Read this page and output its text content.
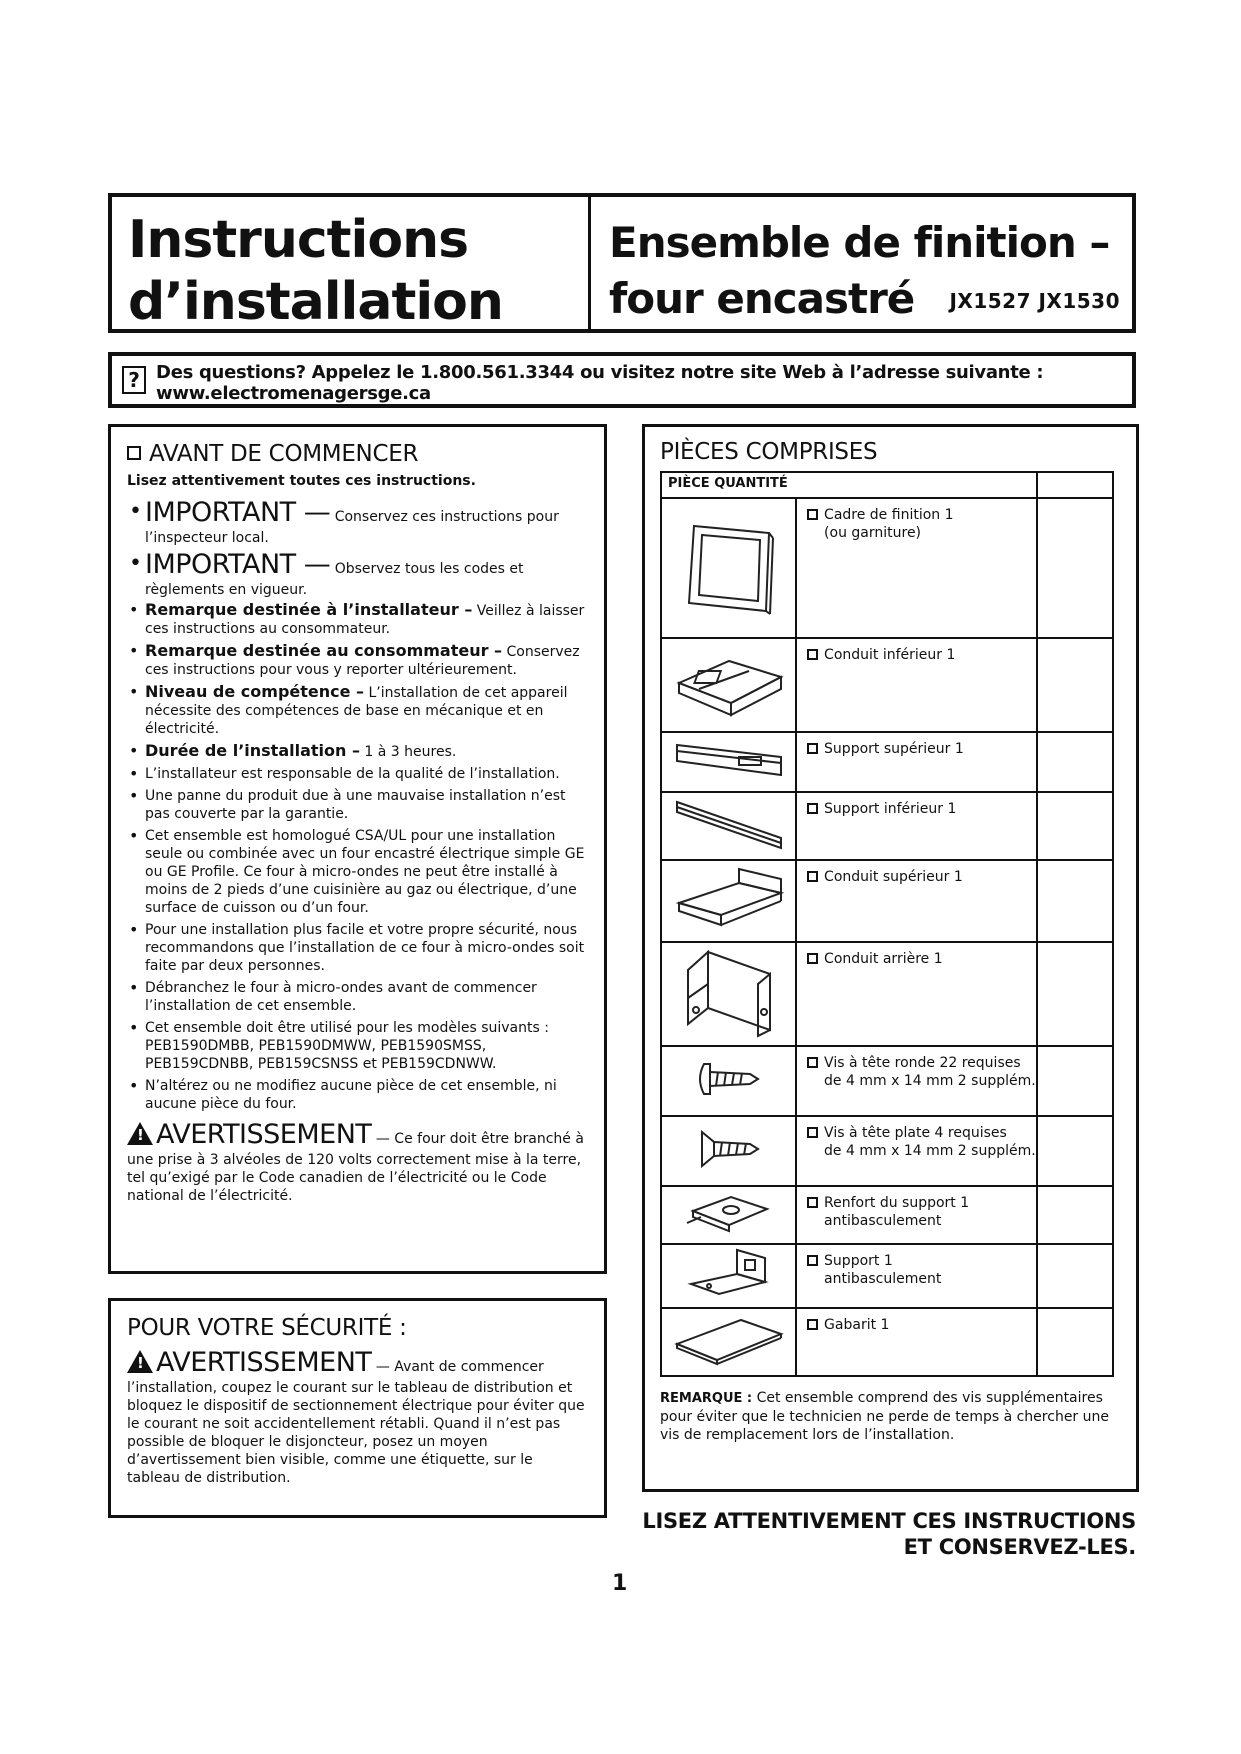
Instructions
d’installation
Ensemble de finition –
four encastré	JX1527 JX1530
? Des questions? Appelez le 1.800.561.3344 ou visitez notre site Web à l’adresse suivante : www.electromenagersge.ca
AVANT DE COMMENCER
Lisez attentivement toutes ces instructions.
• IMPORTANT — Conservez ces instructions pour l’inspecteur local.
• IMPORTANT — Observez tous les codes et règlements en vigueur.
• Remarque destinée à l’installateur – Veillez à laisser ces instructions au consommateur.
• Remarque destinée au consommateur – Conservez ces instructions pour vous y reporter ultérieurement.
• Niveau de compétence – L’installation de cet appareil nécessite des compétences de base en mécanique et en électricité.
• Durée de l’installation – 1 à 3 heures.
• L’installateur est responsable de la qualité de l’installation.
• Une panne du produit due à une mauvaise installation n’est pas couverte par la garantie.
• Cet ensemble est homologué CSA/UL pour une installation seule ou combinée avec un four encastré électrique simple GE ou GE Profile. Ce four à micro-ondes ne peut être installé à moins de 2 pieds d’une cuisinière au gaz ou électrique, d’une surface de cuisson ou d’un four.
• Pour une installation plus facile et votre propre sécurité, nous recommandons que l’installation de ce four à micro-ondes soit faite par deux personnes.
• Débranchez le four à micro-ondes avant de commencer l’installation de cet ensemble.
• Cet ensemble doit être utilisé pour les modèles suivants : PEB1590DMBB, PEB1590DMWW, PEB1590SMSS, PEB159CDNBB, PEB159CSNSS et PEB159CDNWW.
• N’altérez ou ne modifiez aucune pièce de cet ensemble, ni aucune pièce du four.
!AVERTISSEMENT — Ce four doit être branché à une prise à 3 alvéoles de 120 volts correctement mise à la terre, tel qu’exigé par le Code canadien de l’électricité ou le Code national de l’électricité.
POUR VOTRE SÉCURITÉ :
!AVERTISSEMENT — Avant de commencer l’installation, coupez le courant sur le tableau de distribution et bloquez le dispositif de sectionnement électrique pour éviter que le courant ne soit accidentellement rétabli. Quand il n’est pas possible de bloquer le disjoncteur, posez un moyen d’avertissement bien visible, comme une étiquette, sur le tableau de distribution.
PIÈCES COMPRISES
PIÈCE QUANTITÉ		
	Cadre de finition 1
(ou garniture)	

	Conduit inférieur 1	
	Support supérieur 1	
	Support inférieur 1	
	Conduit supérieur 1	
	Conduit arrière 1	
	Vis à tête ronde 22 requises
de 4 mm x 14 mm 2 supplém.	

	Vis à tête plate 4 requises
de 4 mm x 14 mm 2 supplém.	

	Renfort du support 1
antibasculement	

	Support 1
antibasculement	

	Gabarit 1	
REMARQUE : Cet ensemble comprend des vis supplémentaires pour éviter que le technicien ne perde de temps à chercher une vis de remplacement lors de l’installation.
LISEZ ATTENTIVEMENT CES INSTRUCTIONS
ET CONSERVEZ-LES.
1
